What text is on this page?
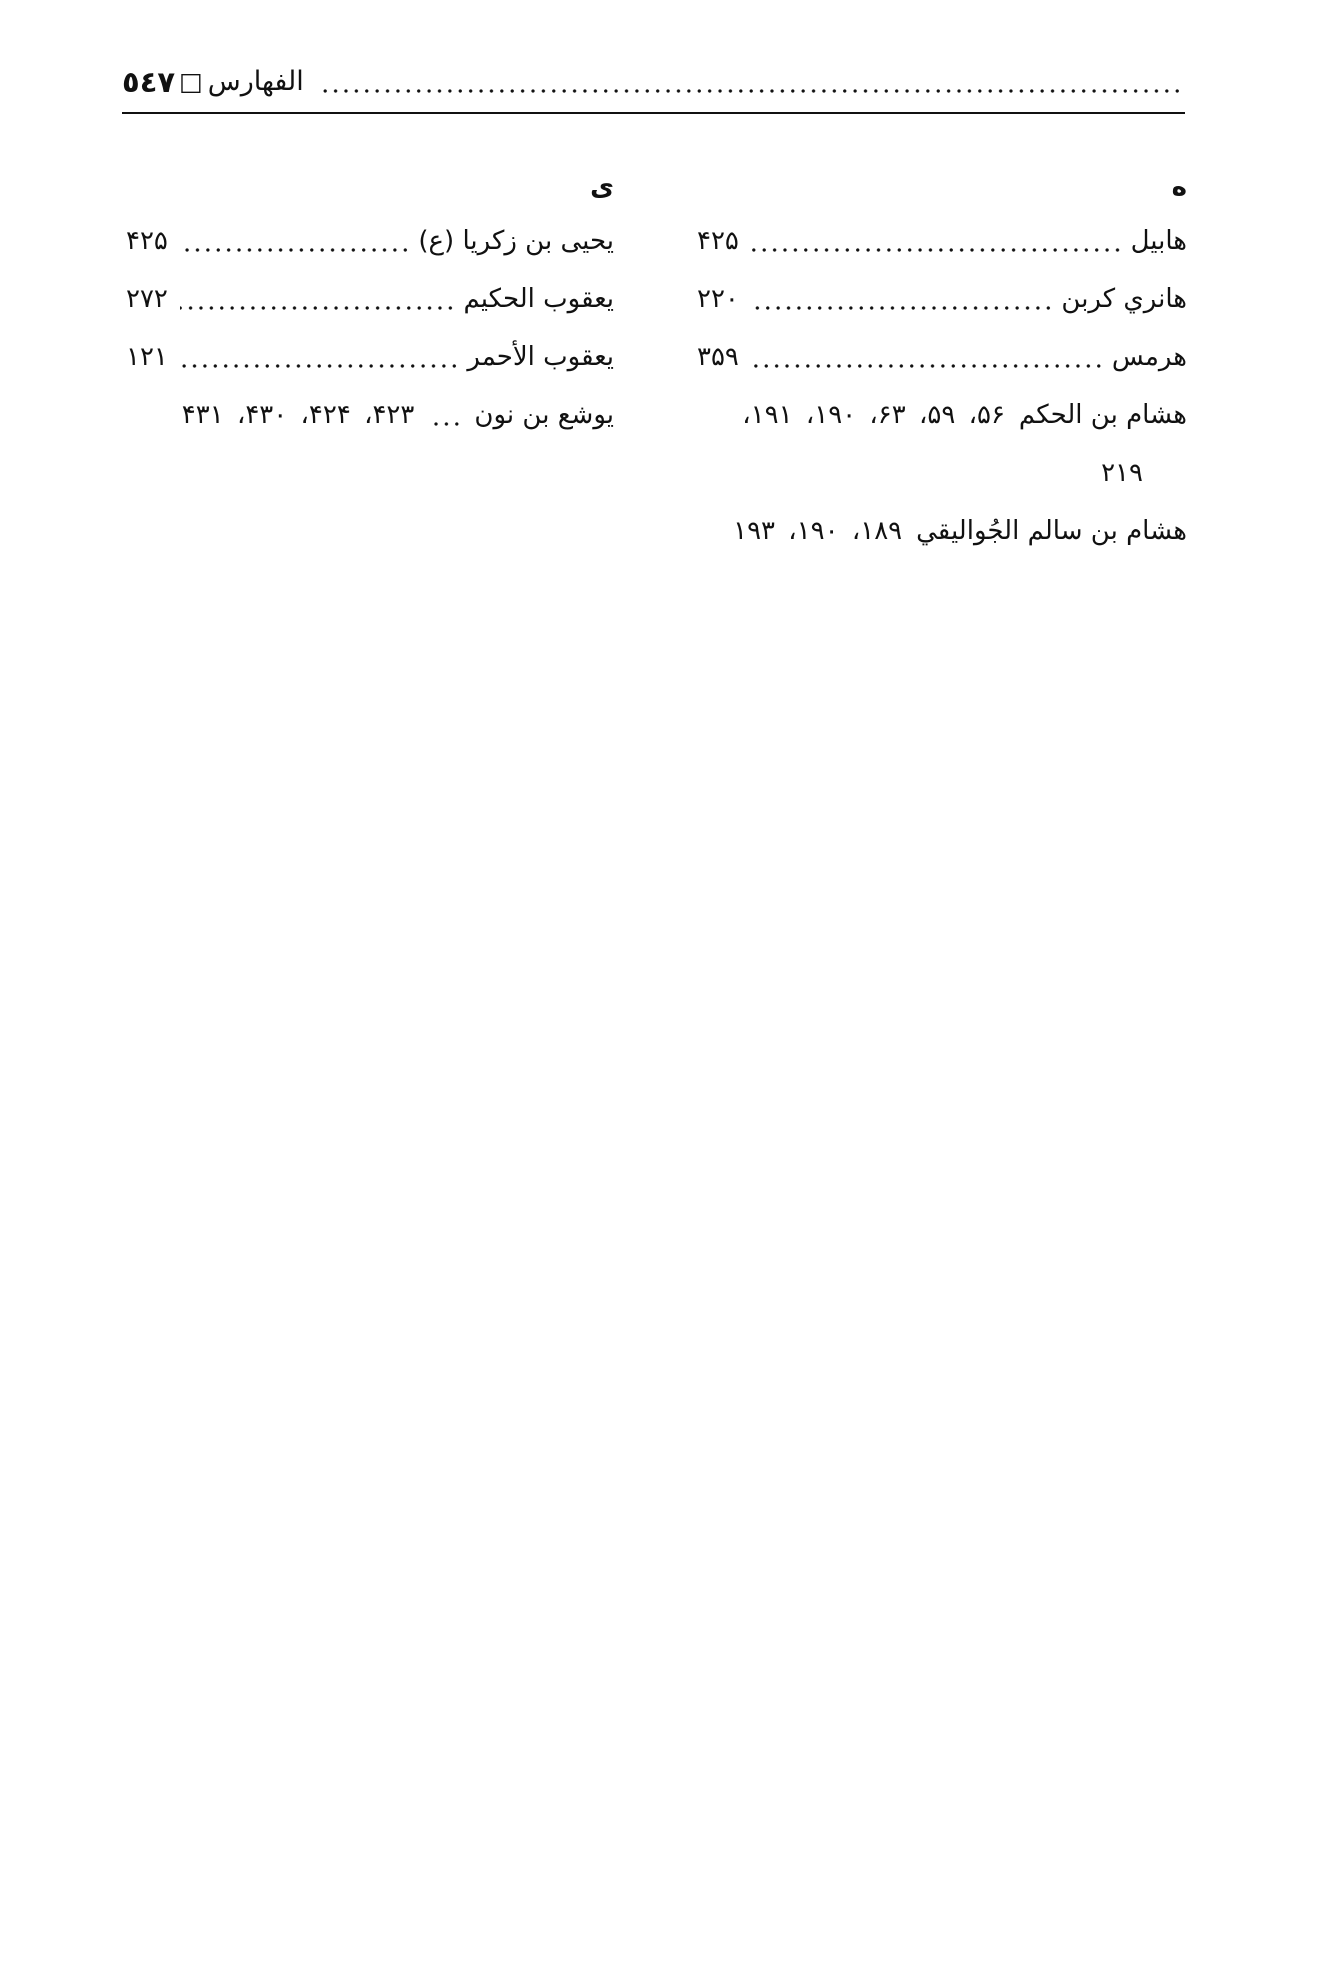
٥٤٧ □ الفهارس
ه
هابيل
۴۲۵
هانري كربن
۲۲۰
هرمس
۳۵۹
هشام بن الحكم
۵۶، ۵۹، ۶۳، ۱۹۰، ۱۹۱،
۲۱۹
هشام بن سالم الجُواليقي
۱۸۹، ۱۹۰، ۱۹۳
ى
يحيى بن زكريا (ع)
۴۲۵
يعقوب الحكيم
۲۷۲
يعقوب الأحمر
۱۲۱
يوشع بن نون
۴۲۳، ۴۲۴، ۴۳۰، ۴۳۱
